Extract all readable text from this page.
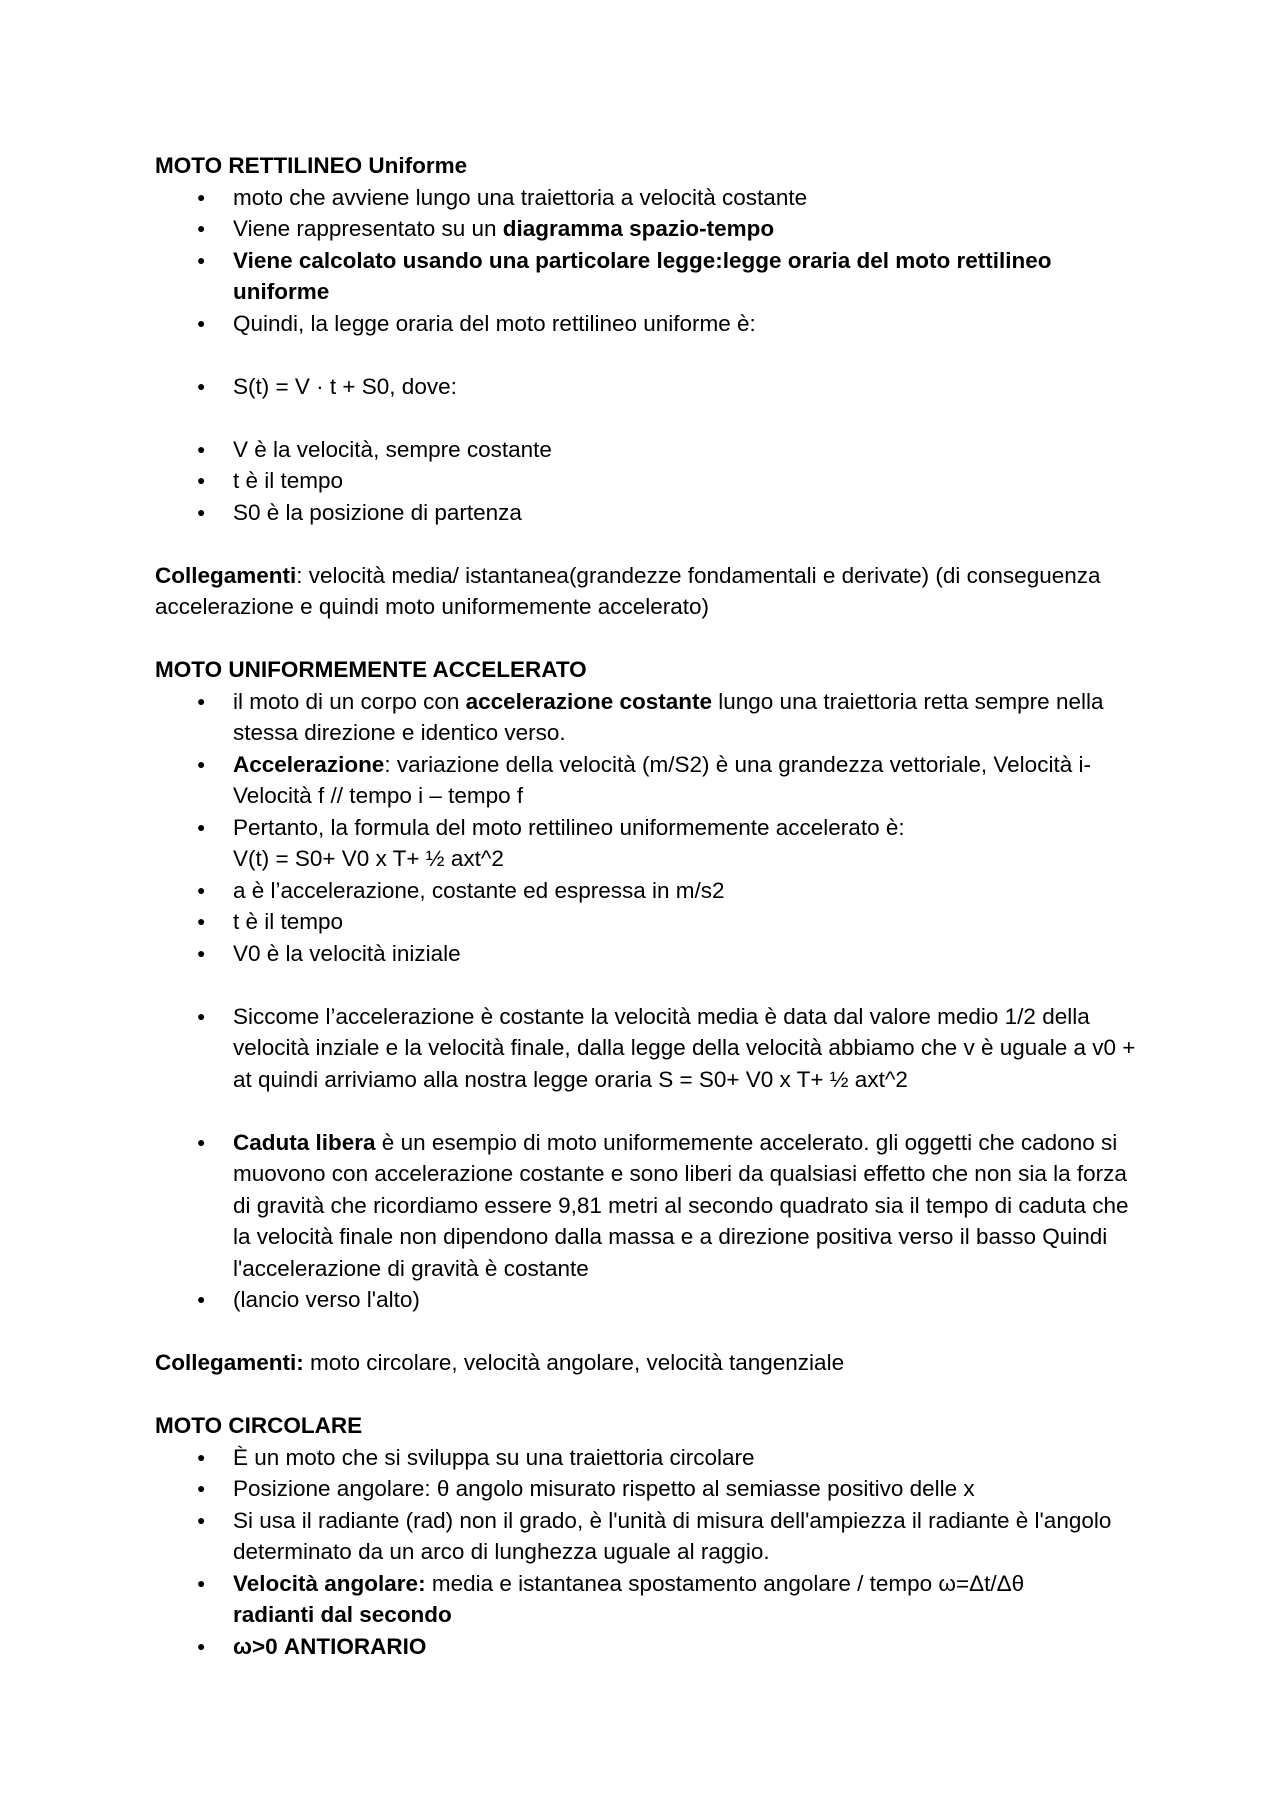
MOTO RETTILINEO Uniforme

● moto che avviene lungo una traiettoria a velocità costante
● Viene rappresentato su un diagramma spazio-tempo
● Viene calcolato usando una particolare legge:legge oraria del moto rettilineo uniforme
● Quindi, la legge oraria del moto rettilineo uniforme è:
● S(t) = V · t + S0, dove:
● V è la velocità, sempre costante
● t è il tempo
● S0 è la posizione di partenza

Collegamenti: velocità media/ istantanea(grandezze fondamentali e derivate) (di conseguenza accelerazione e quindi moto uniformemente accelerato)

MOTO UNIFORMEMENTE ACCELERATO

● il moto di un corpo con accelerazione costante lungo una traiettoria retta sempre nella stessa direzione e identico verso.
● Accelerazione: variazione della velocità (m/S2) è una grandezza vettoriale, Velocità i- Velocità f // tempo i – tempo f
● Pertanto, la formula del moto rettilineo uniformemente accelerato è:
V(t) = S0+ V0 x T+ ½ axt^2
● a è l’accelerazione, costante ed espressa in m/s2
● t è il tempo
● V0 è la velocità iniziale
● Siccome l’accelerazione è costante la velocità media è data dal valore medio 1/2 della velocità inziale e la velocità finale, dalla legge della velocità abbiamo che v è uguale a v0 + at quindi arriviamo alla nostra legge oraria S = S0+ V0 x T+ ½ axt^2
● Caduta libera è un esempio di moto uniformemente accelerato. gli oggetti che cadono si muovono con accelerazione costante e sono liberi da qualsiasi effetto che non sia la forza di gravità che ricordiamo essere 9,81 metri al secondo quadrato sia il tempo di caduta che la velocità finale non dipendono dalla massa e a direzione positiva verso il basso Quindi l'accelerazione di gravità è costante
● (lancio verso l'alto)

Collegamenti: moto circolare, velocità angolare, velocità tangenziale

MOTO CIRCOLARE

● È un moto che si sviluppa su una traiettoria circolare
● Posizione angolare: θ angolo misurato rispetto al semiasse positivo delle x
● Si usa il radiante (rad) non il grado, è l'unità di misura dell'ampiezza il radiante è l'angolo determinato da un arco di lunghezza uguale al raggio.
● Velocità angolare: media e istantanea spostamento angolare / tempo ω=Δt/Δθ
radianti dal secondo
● ω>0 ANTIORARIO
